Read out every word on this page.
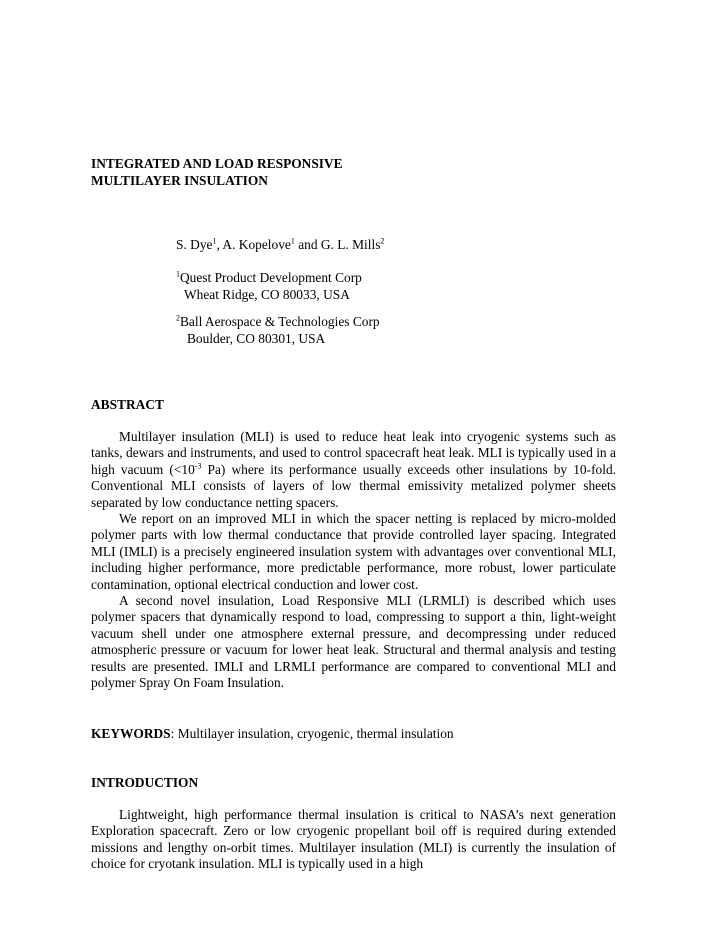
INTEGRATED AND LOAD RESPONSIVE
MULTILAYER INSULATION
S. Dye$^1$, A. Kopelove$^1$ and G. L. Mills$^2$
$^1$Quest Product Development Corp
Wheat Ridge, CO 80033, USA
$^2$Ball Aerospace & Technologies Corp
Boulder, CO 80301, USA
ABSTRACT

Multilayer insulation (MLI) is used to reduce heat leak into cryogenic systems such as tanks, dewars and instruments, and used to control spacecraft heat leak. MLI is typically used in a high vacuum ($<10^{-3}$ Pa) where its performance usually exceeds other insulations by 10-fold. Conventional MLI consists of layers of low thermal emissivity metalized polymer sheets separated by low conductance netting spacers.

We report on an improved MLI in which the spacer netting is replaced by micro-molded polymer parts with low thermal conductance that provide controlled layer spacing. Integrated MLI (IMLI) is a precisely engineered insulation system with advantages over conventional MLI, including higher performance, more predictable performance, more robust, lower particulate contamination, optional electrical conduction and lower cost.

A second novel insulation, Load Responsive MLI (LRMLI) is described which uses polymer spacers that dynamically respond to load, compressing to support a thin, light-weight vacuum shell under one atmosphere external pressure, and decompressing under reduced atmospheric pressure or vacuum for lower heat leak. Structural and thermal analysis and testing results are presented. IMLI and LRMLI performance are compared to conventional MLI and polymer Spray On Foam Insulation.

KEYWORDS: Multilayer insulation, cryogenic, thermal insulation
INTRODUCTION

Lightweight, high performance thermal insulation is critical to NASA’s next generation Exploration spacecraft. Zero or low cryogenic propellant boil off is required during extended missions and lengthy on-orbit times. Multilayer insulation (MLI) is currently the insulation of choice for cryotank insulation. MLI is typically used in a high
